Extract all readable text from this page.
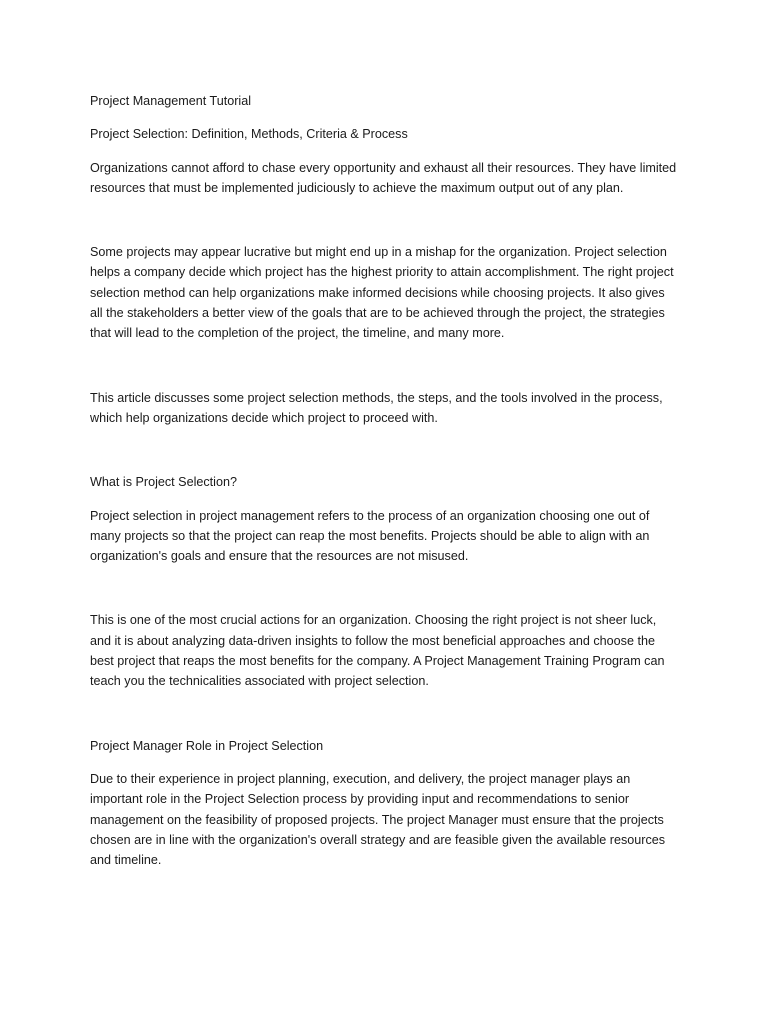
Project Management Tutorial

Project Selection: Definition, Methods, Criteria & Process

Organizations cannot afford to chase every opportunity and exhaust all their resources. They have limited resources that must be implemented judiciously to achieve the maximum output out of any plan.

Some projects may appear lucrative but might end up in a mishap for the organization. Project selection helps a company decide which project has the highest priority to attain accomplishment. The right project selection method can help organizations make informed decisions while choosing projects. It also gives all the stakeholders a better view of the goals that are to be achieved through the project, the strategies that will lead to the completion of the project, the timeline, and many more.

This article discusses some project selection methods, the steps, and the tools involved in the process, which help organizations decide which project to proceed with.

What is Project Selection?

Project selection in project management refers to the process of an organization choosing one out of many projects so that the project can reap the most benefits. Projects should be able to align with an organization's goals and ensure that the resources are not misused.

This is one of the most crucial actions for an organization. Choosing the right project is not sheer luck, and it is about analyzing data-driven insights to follow the most beneficial approaches and choose the best project that reaps the most benefits for the company. A Project Management Training Program can teach you the technicalities associated with project selection.

Project Manager Role in Project Selection

Due to their experience in project planning, execution, and delivery, the project manager plays an important role in the Project Selection process by providing input and recommendations to senior management on the feasibility of proposed projects. The project Manager must ensure that the projects chosen are in line with the organization's overall strategy and are feasible given the available resources and timeline.
